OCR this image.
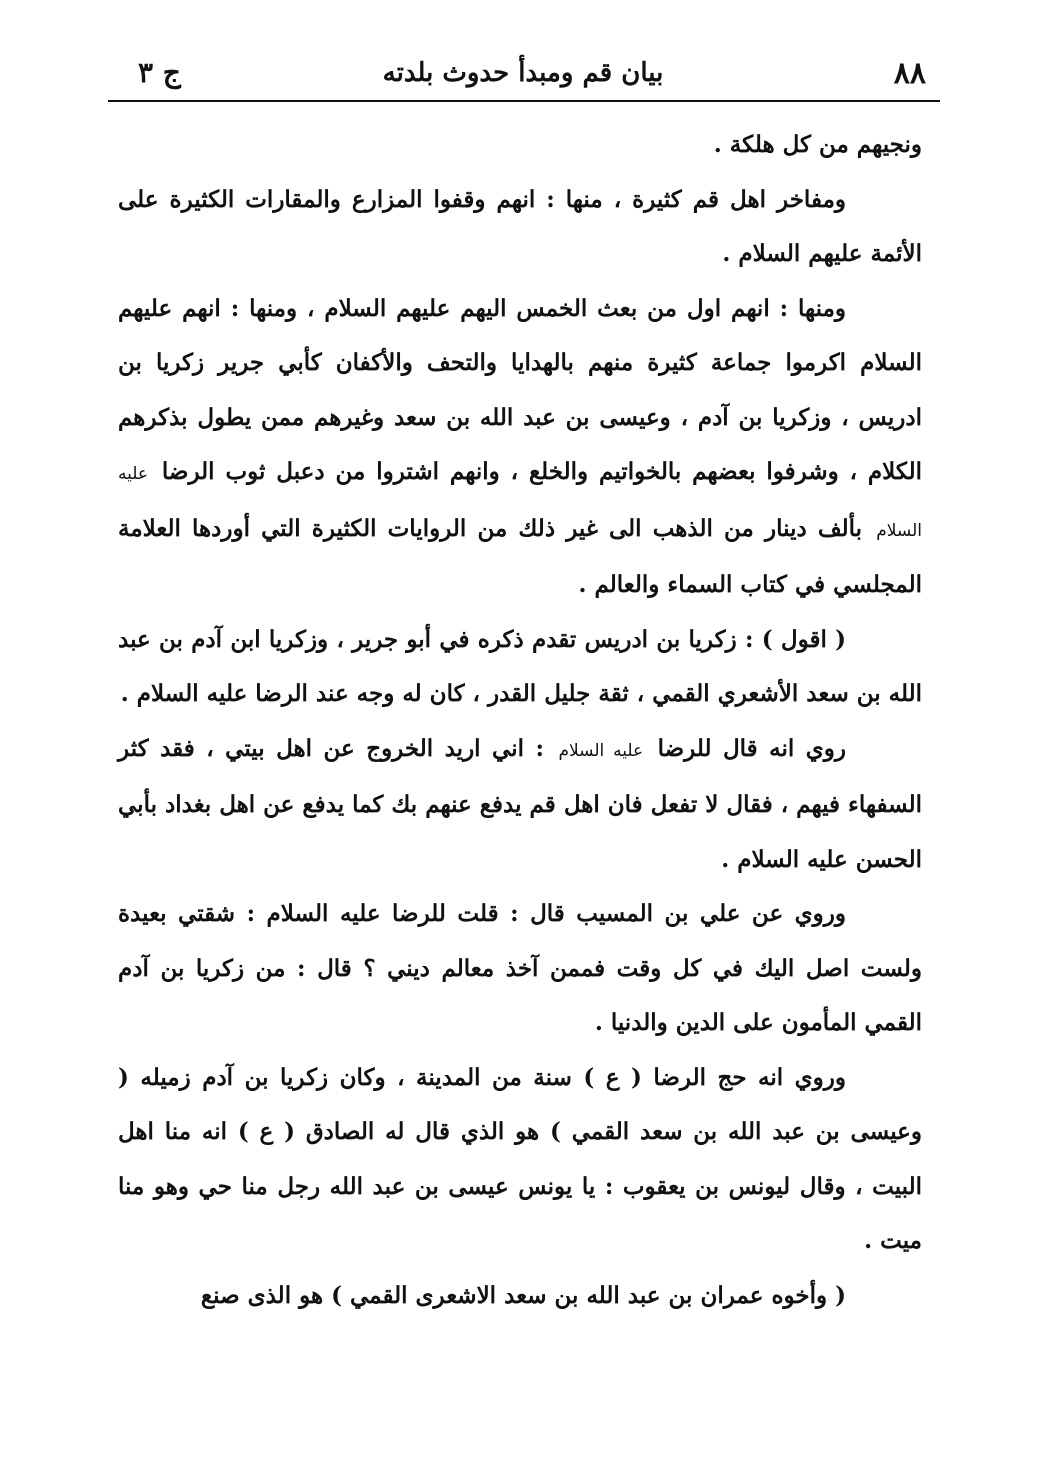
٨٨
بيان قم ومبدأ حدوث بلدته
ج ٣

ونجيهم من كل هلكة .

ومفاخر اهل قم كثيرة ، منها : انهم وقفوا المزارع والمقارات الكثيرة على الأئمة عليهم السلام .

ومنها : انهم اول من بعث الخمس اليهم عليهم السلام ، ومنها : انهم عليهم السلام اكرموا جماعة كثيرة منهم بالهدايا والتحف والأكفان كأبي جرير زكريا بن ادريس ، وزكريا بن آدم ، وعيسى بن عبد الله بن سعد وغيرهم ممن يطول بذكرهم الكلام ، وشرفوا بعضهم بالخواتيم والخلع ، وانهم اشتروا من دعبل ثوب الرضا عليه السلام بألف دينار من الذهب الى غير ذلك من الروايات الكثيرة التي أوردها العلامة المجلسي في كتاب السماء والعالم .

( اقول ) : زكريا بن ادريس تقدم ذكره في أبو جرير ، وزكريا ابن آدم بن عبد الله بن سعد الأشعري القمي ، ثقة جليل القدر ، كان له وجه عند الرضا عليه السلام .

روي انه قال للرضا عليه السلام : اني اريد الخروج عن اهل بيتي ، فقد كثر السفهاء فيهم ، فقال لا تفعل فان اهل قم يدفع عنهم بك كما يدفع عن اهل بغداد بأبي الحسن عليه السلام .

وروي عن علي بن المسيب قال : قلت للرضا عليه السلام : شقتي بعيدة ولست اصل اليك في كل وقت فممن آخذ معالم ديني ؟ قال : من زكريا بن آدم القمي المأمون على الدين والدنيا .

وروي انه حج الرضا ( ع ) سنة من المدينة ، وكان زكريا بن آدم زميله ( وعيسى بن عبد الله بن سعد القمي ) هو الذي قال له الصادق ( ع ) انه منا اهل البيت ، وقال ليونس بن يعقوب : يا يونس عيسى بن عبد الله رجل منا حي وهو منا ميت .

( وأخوه عمران بن عبد الله بن سعد الاشعرى القمي ) هو الذى صنع
